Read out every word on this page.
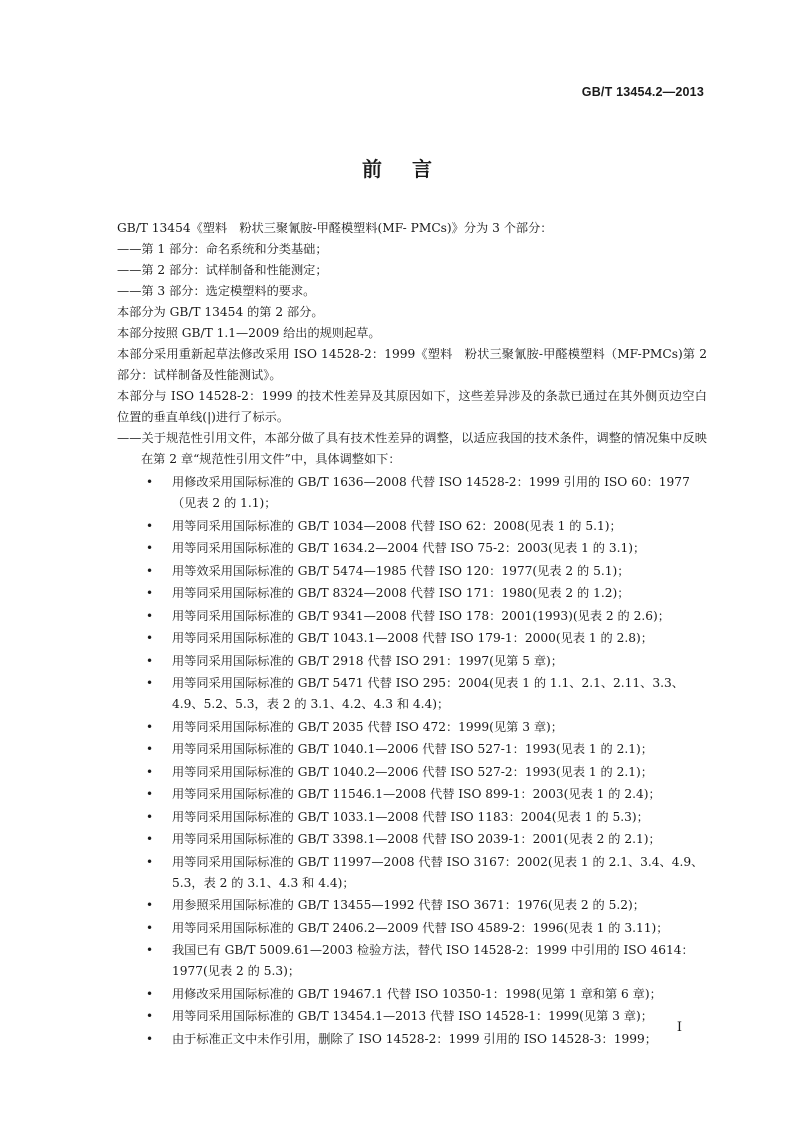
GB/T 13454.2—2013
前言

GB/T 13454《塑料　粉状三聚氰胺-甲醛模塑料(MF- PMCs)》分为 3 个部分：

——第 1 部分：命名系统和分类基础；

——第 2 部分：试样制备和性能测定；

——第 3 部分：选定模塑料的要求。

本部分为 GB/T 13454 的第 2 部分。

本部分按照 GB/T 1.1—2009 给出的规则起草。

本部分采用重新起草法修改采用 ISO 14528-2：1999《塑料　粉状三聚氰胺-甲醛模塑料（MF-PMCs)第 2 部分：试样制备及性能测试》。

本部分与 ISO 14528-2：1999 的技术性差异及其原因如下，这些差异涉及的条款已通过在其外侧页边空白位置的垂直单线(|)进行了标示。

——关于规范性引用文件，本部分做了具有技术性差异的调整，以适应我国的技术条件，调整的情况集中反映在第 2 章“规范性引用文件”中，具体调整如下：

• 用修改采用国际标准的 GB/T 1636—2008 代替 ISO 14528-2：1999 引用的 ISO 60：1977（见表 2 的 1.1)；
• 用等同采用国际标准的 GB/T 1034—2008 代替 ISO 62：2008(见表 1 的 5.1)；
• 用等同采用国际标准的 GB/T 1634.2—2004 代替 ISO 75-2：2003(见表 1 的 3.1)；
• 用等效采用国际标准的 GB/T 5474—1985 代替 ISO 120：1977(见表 2 的 5.1)；
• 用等同采用国际标准的 GB/T 8324—2008 代替 ISO 171：1980(见表 2 的 1.2)；
• 用等同采用国际标准的 GB/T 9341—2008 代替 ISO 178：2001(1993)(见表 2 的 2.6)；
• 用等同采用国际标准的 GB/T 1043.1—2008 代替 ISO 179-1：2000(见表 1 的 2.8)；
• 用等同采用国际标准的 GB/T 2918 代替 ISO 291：1997(见第 5 章)；
• 用等同采用国际标准的 GB/T 5471 代替 ISO 295：2004(见表 1 的 1.1、2.1、2.11、3.3、4.9、5.2、5.3，表 2 的 3.1、4.2、4.3 和 4.4)；
• 用等同采用国际标准的 GB/T 2035 代替 ISO 472：1999(见第 3 章)；
• 用等同采用国际标准的 GB/T 1040.1—2006 代替 ISO 527-1：1993(见表 1 的 2.1)；
• 用等同采用国际标准的 GB/T 1040.2—2006 代替 ISO 527-2：1993(见表 1 的 2.1)；
• 用等同采用国际标准的 GB/T 11546.1—2008 代替 ISO 899-1：2003(见表 1 的 2.4)；
• 用等同采用国际标准的 GB/T 1033.1—2008 代替 ISO 1183：2004(见表 1 的 5.3)；
• 用等同采用国际标准的 GB/T 3398.1—2008 代替 ISO 2039-1：2001(见表 2 的 2.1)；
• 用等同采用国际标准的 GB/T 11997—2008 代替 ISO 3167：2002(见表 1 的 2.1、3.4、4.9、5.3，表 2 的 3.1、4.3 和 4.4)；
• 用参照采用国际标准的 GB/T 13455—1992 代替 ISO 3671：1976(见表 2 的 5.2)；
• 用等同采用国际标准的 GB/T 2406.2—2009 代替 ISO 4589-2：1996(见表 1 的 3.11)；
• 我国已有 GB/T 5009.61—2003 检验方法，替代 ISO 14528-2：1999 中引用的 ISO 4614：1977(见表 2 的 5.3)；
• 用修改采用国际标准的 GB/T 19467.1 代替 ISO 10350-1：1998(见第 1 章和第 6 章)；
• 用等同采用国际标准的 GB/T 13454.1—2013 代替 ISO 14528-1：1999(见第 3 章)；
• 由于标准正文中未作引用，删除了 ISO 14528-2：1999 引用的 ISO 14528-3：1999；
I
